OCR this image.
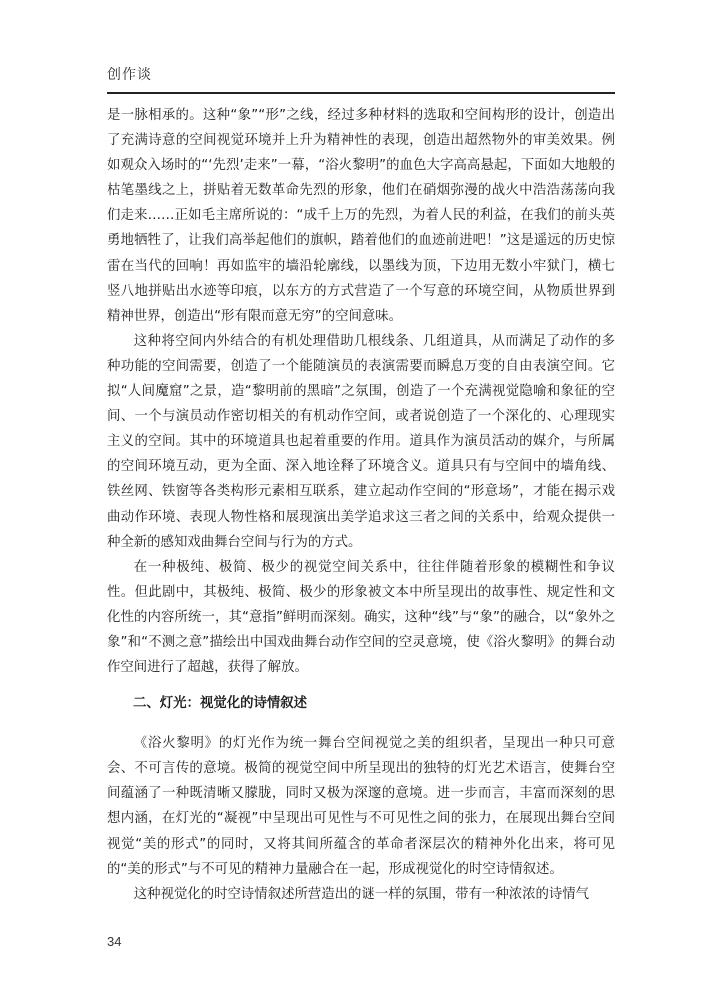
创作谈

是一脉相承的。这种“象”“形”之线，经过多种材料的选取和空间构形的设计，创造出了充满诗意的空间视觉环境并上升为精神性的表现，创造出超然物外的审美效果。例如观众入场时的“‘先烈’走来”一幕，“浴火黎明”的血色大字高高悬起，下面如大地般的枯笔墨线之上，拼贴着无数革命先烈的形象，他们在硝烟弥漫的战火中浩浩荡荡向我们走来……正如毛主席所说的：“成千上万的先烈，为着人民的利益，在我们的前头英勇地牺牲了，让我们高举起他们的旗帜，踏着他们的血迹前进吧！”这是遥远的历史惊雷在当代的回响！再如监牢的墙沿轮廓线，以墨线为顶，下边用无数小牢狱门，横七竖八地拼贴出水迹等印痕，以东方的方式营造了一个写意的环境空间，从物质世界到精神世界，创造出“形有限而意无穷”的空间意味。

这种将空间内外结合的有机处理借助几根线条、几组道具，从而满足了动作的多种功能的空间需要，创造了一个能随演员的表演需要而瞬息万变的自由表演空间。它拟“人间魔窟”之景，造“黎明前的黑暗”之氛围，创造了一个充满视觉隐喻和象征的空间、一个与演员动作密切相关的有机动作空间，或者说创造了一个深化的、心理现实主义的空间。其中的环境道具也起着重要的作用。道具作为演员活动的媒介，与所属的空间环境互动，更为全面、深入地诠释了环境含义。道具只有与空间中的墙角线、铁丝网、铁窗等各类构形元素相互联系，建立起动作空间的“形意场”，才能在揭示戏曲动作环境、表现人物性格和展现演出美学追求这三者之间的关系中，给观众提供一种全新的感知戏曲舞台空间与行为的方式。

在一种极纯、极简、极少的视觉空间关系中，往往伴随着形象的模糊性和争议性。但此剧中，其极纯、极简、极少的形象被文本中所呈现出的故事性、规定性和文化性的内容所统一，其“意指”鲜明而深刻。确实，这种“线”与“象”的融合，以“象外之象”和“不测之意”描绘出中国戏曲舞台动作空间的空灵意境，使《浴火黎明》的舞台动作空间进行了超越，获得了解放。

二、灯光：视觉化的诗情叙述

《浴火黎明》的灯光作为统一舞台空间视觉之美的组织者，呈现出一种只可意会、不可言传的意境。极简的视觉空间中所呈现出的独特的灯光艺术语言，使舞台空间蕴涵了一种既清晰又朦胧，同时又极为深邃的意境。进一步而言，丰富而深刻的思想内涵，在灯光的“凝视”中呈现出可见性与不可见性之间的张力，在展现出舞台空间视觉“美的形式”的同时，又将其间所蕴含的革命者深层次的精神外化出来，将可见的“美的形式”与不可见的精神力量融合在一起，形成视觉化的时空诗情叙述。

这种视觉化的时空诗情叙述所营造出的谜一样的氛围，带有一种浓浓的诗情气

34
